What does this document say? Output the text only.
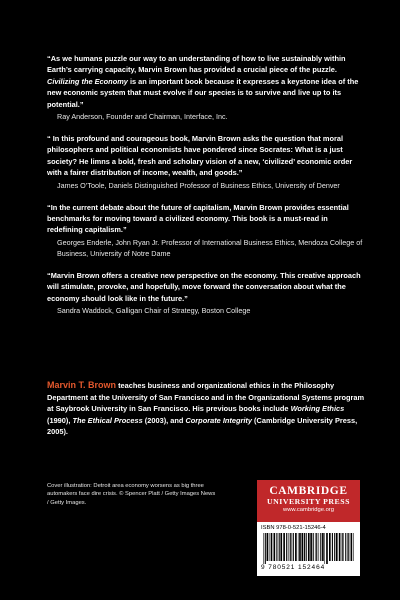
“As we humans puzzle our way to an understanding of how to live sustainably within Earth’s carrying capacity, Marvin Brown has provided a crucial piece of the puzzle. Civilizing the Economy is an important book because it expresses a keystone idea of the new economic system that must evolve if our species is to survive and live up to its potential.”

Ray Anderson, Founder and Chairman, Interface, Inc.

“ In this profound and courageous book, Marvin Brown asks the question that moral philosophers and political economists have pondered since Socrates: What is a just society? He limns a bold, fresh and scholary vision of a new, ‘civilized’ economic order with a fairer distribution of income, wealth, and goods.”

James O’Toole, Daniels Distinguished Professor of Business Ethics, University of Denver

“In the current debate about the future of capitalism, Marvin Brown provides essential benchmarks for moving toward a civilized economy. This book is a must-read in redefining capitalism.”

Georges Enderle, John Ryan Jr. Professor of International Business Ethics, Mendoza College of Business, University of Notre Dame

“Marvin Brown offers a creative new perspective on the economy. This creative approach will stimulate, provoke, and hopefully, move forward the conversation about what the economy should look like in the future.”

Sandra Waddock, Galligan Chair of Strategy, Boston College

Marvin T. Brown teaches business and organizational ethics in the Philosophy Department at the University of San Francisco and in the Organizational Systems program at Saybrook University in San Francisco. His previous books include Working Ethics (1990), The Ethical Process (2003), and Corporate Integrity (Cambridge University Press, 2005).

Cover illustration: Detroit area economy worsens as big three automakers face dire crisis. © Spencer Platt / Getty Images News / Getty Images.

CAMBRIDGE
UNIVERSITY PRESS
www.cambridge.org
ISBN 978-0-521-15246-4
9 780521 152464
